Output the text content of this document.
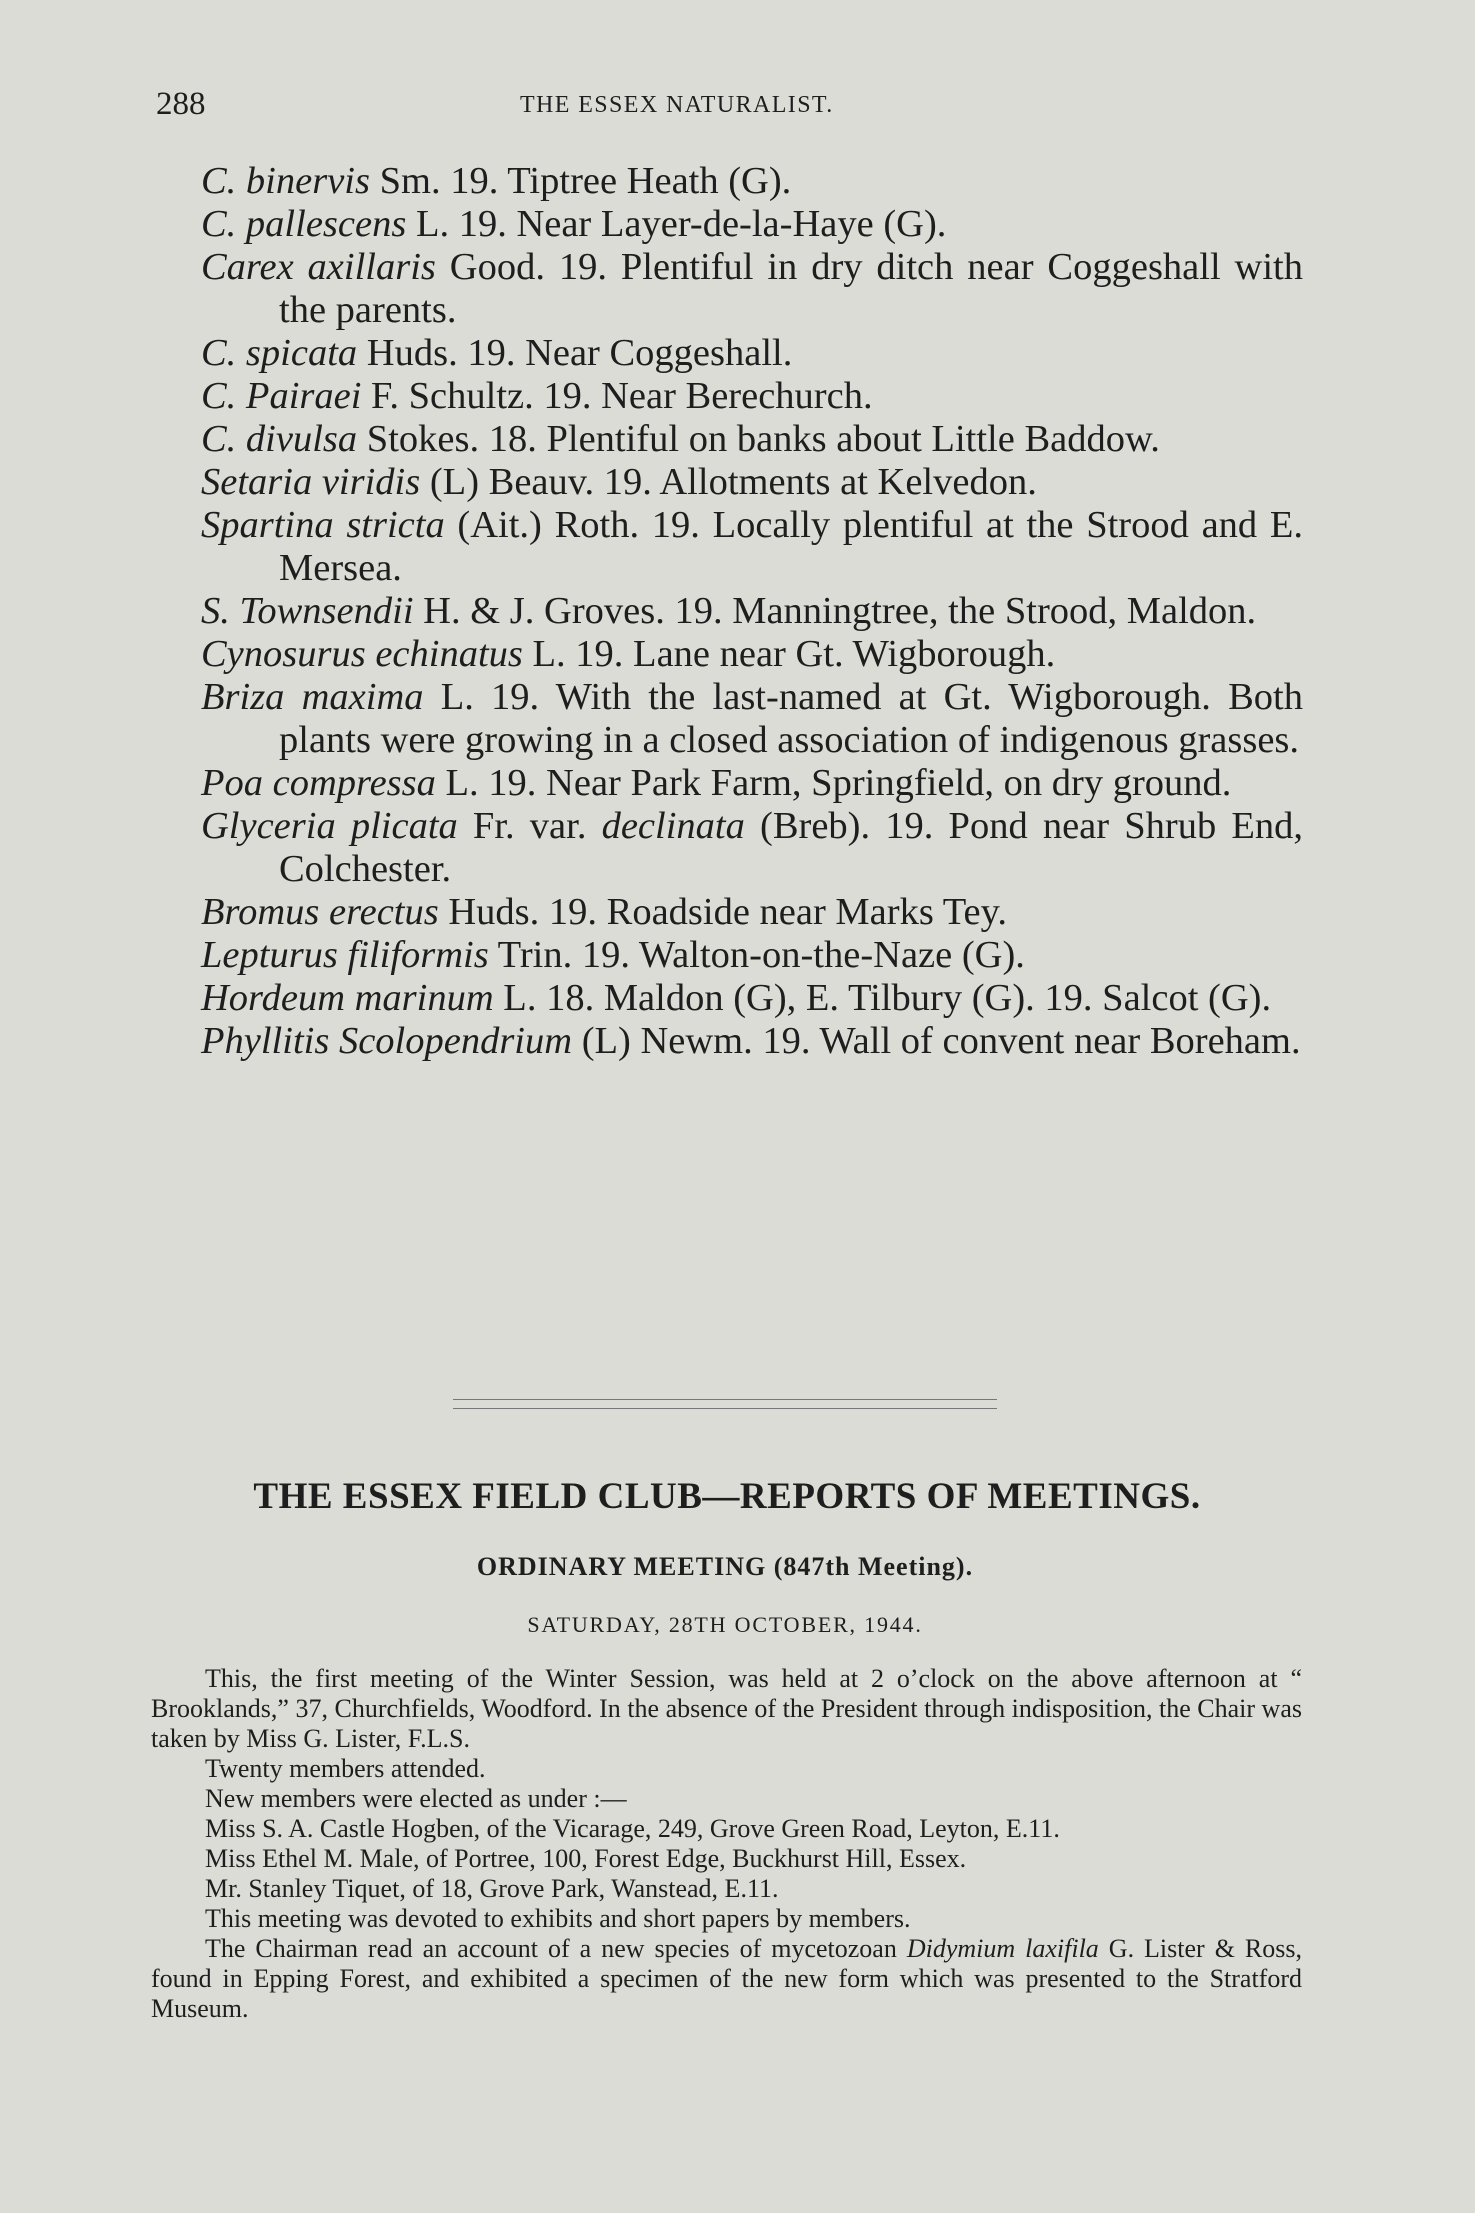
288	THE ESSEX NATURALIST.
C. binervis Sm. 19. Tiptree Heath (G).
C. pallescens L. 19. Near Layer-de-la-Haye (G).
Carex axillaris Good. 19. Plentiful in dry ditch near Coggeshall with the parents.
C. spicata Huds. 19. Near Coggeshall.
C. Pairaei F. Schultz. 19. Near Berechurch.
C. divulsa Stokes. 18. Plentiful on banks about Little Baddow.
Setaria viridis (L) Beauv. 19. Allotments at Kelvedon.
Spartina stricta (Ait.) Roth. 19. Locally plentiful at the Strood and E. Mersea.
S. Townsendii H. & J. Groves. 19. Manningtree, the Strood, Maldon.
Cynosurus echinatus L. 19. Lane near Gt. Wigborough.
Briza maxima L. 19. With the last-named at Gt. Wigborough. Both plants were growing in a closed association of indigenous grasses.
Poa compressa L. 19. Near Park Farm, Springfield, on dry ground.
Glyceria plicata Fr. var. declinata (Breb). 19. Pond near Shrub End, Colchester.
Bromus erectus Huds. 19. Roadside near Marks Tey.
Lepturus filiformis Trin. 19. Walton-on-the-Naze (G).
Hordeum marinum L. 18. Maldon (G), E. Tilbury (G). 19. Salcot (G).
Phyllitis Scolopendrium (L) Newm. 19. Wall of convent near Boreham.
THE ESSEX FIELD CLUB—REPORTS OF MEETINGS.
ORDINARY MEETING (847th Meeting).
SATURDAY, 28TH OCTOBER, 1944.
This, the first meeting of the Winter Session, was held at 2 o’clock on the above afternoon at “ Brooklands,” 37, Churchfields, Woodford. In the absence of the President through indisposition, the Chair was taken by Miss G. Lister, F.L.S.
Twenty members attended.
New members were elected as under :—
Miss S. A. Castle Hogben, of the Vicarage, 249, Grove Green Road, Leyton, E.11.
Miss Ethel M. Male, of Portree, 100, Forest Edge, Buckhurst Hill, Essex.
Mr. Stanley Tiquet, of 18, Grove Park, Wanstead, E.11.
This meeting was devoted to exhibits and short papers by members.
The Chairman read an account of a new species of mycetozoan Didymium laxifila G. Lister & Ross, found in Epping Forest, and exhibited a specimen of the new form which was presented to the Stratford Museum.
